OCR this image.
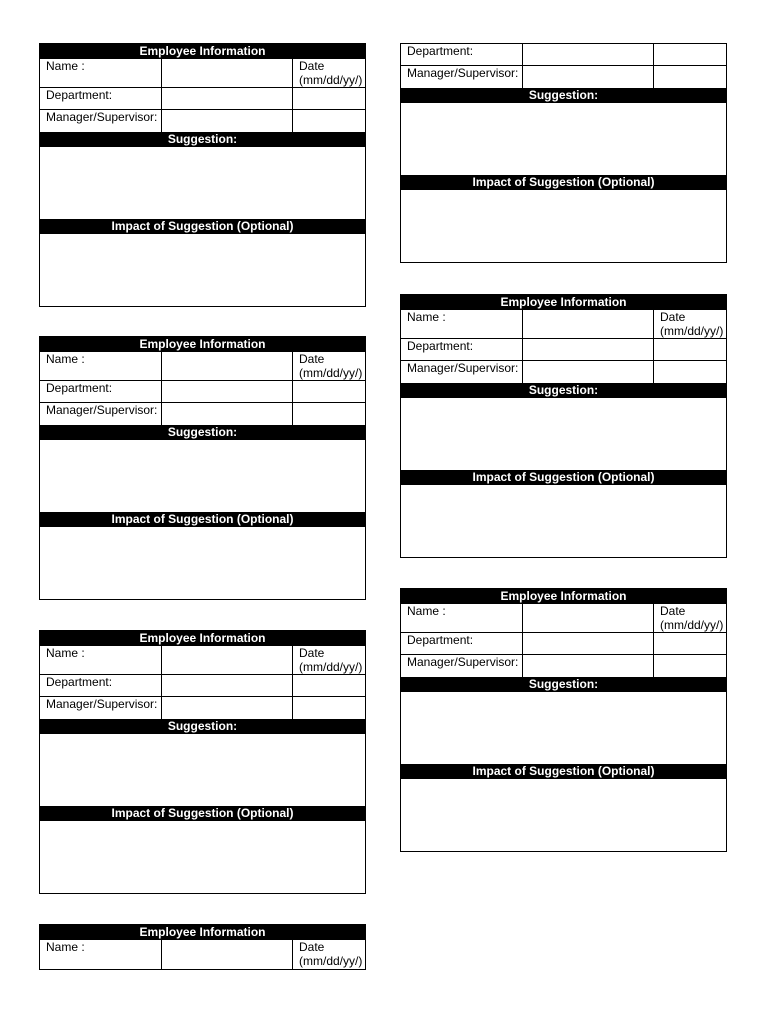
Employee Information
Name :	Date
(mm/dd/yy/)
Department:
Manager/Supervisor:
Suggestion:
Impact of Suggestion (Optional)
Employee Information
Name :	Date
(mm/dd/yy/)
Department:
Manager/Supervisor:
Suggestion:
Impact of Suggestion (Optional)
Employee Information
Name :	Date
(mm/dd/yy/)
Department:
Manager/Supervisor:
Suggestion:
Impact of Suggestion (Optional)
Employee Information
Name :	Date
(mm/dd/yy/)
Department:
Manager/Supervisor:
Suggestion:
Impact of Suggestion (Optional)
Employee Information
Name :	Date
(mm/dd/yy/)
Department:
Manager/Supervisor:
Suggestion:
Impact of Suggestion (Optional)
Employee Information
Name :	Date
(mm/dd/yy/)
Department:
Manager/Supervisor:
Suggestion:
Impact of Suggestion (Optional)
